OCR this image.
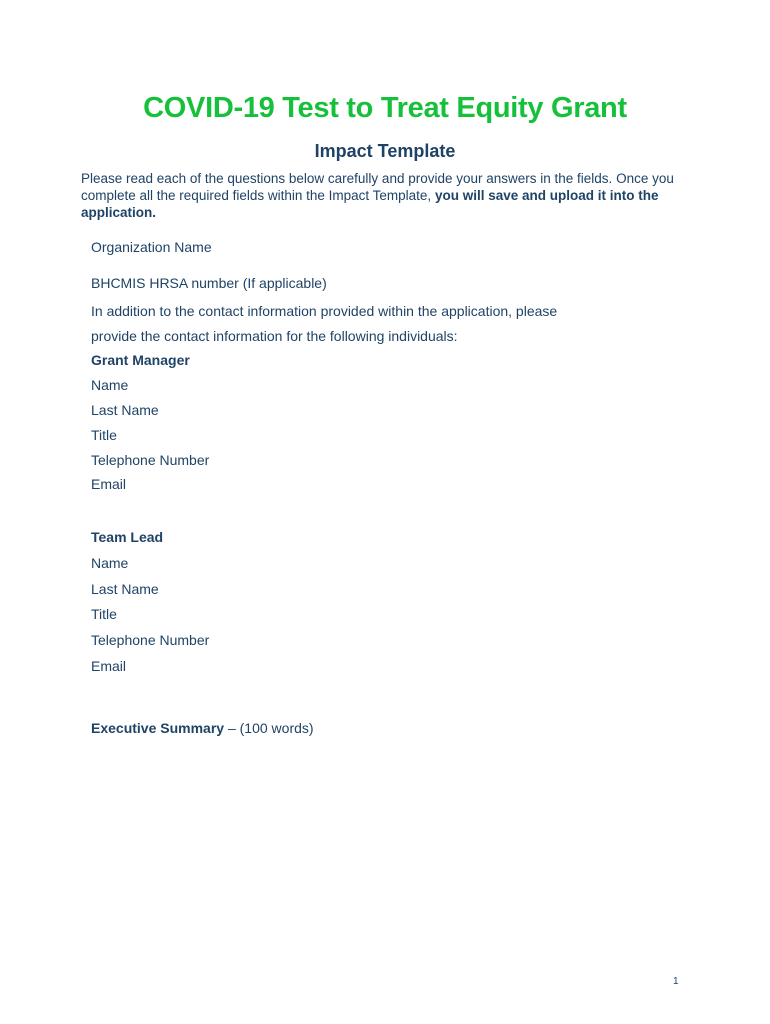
COVID-19 Test to Treat Equity Grant
Impact Template
Please read each of the questions below carefully and provide your answers in the fields. Once you complete all the required fields within the Impact Template, you will save and upload it into the application.
Organization Name
BHCMIS HRSA number (If applicable)
In addition to the contact information provided within the application, please
provide the contact information for the following individuals:
Grant Manager
Name
Last Name
Title
Telephone Number
Email
Team Lead
Name
Last Name
Title
Telephone Number
Email
Executive Summary – (100 words)
1
